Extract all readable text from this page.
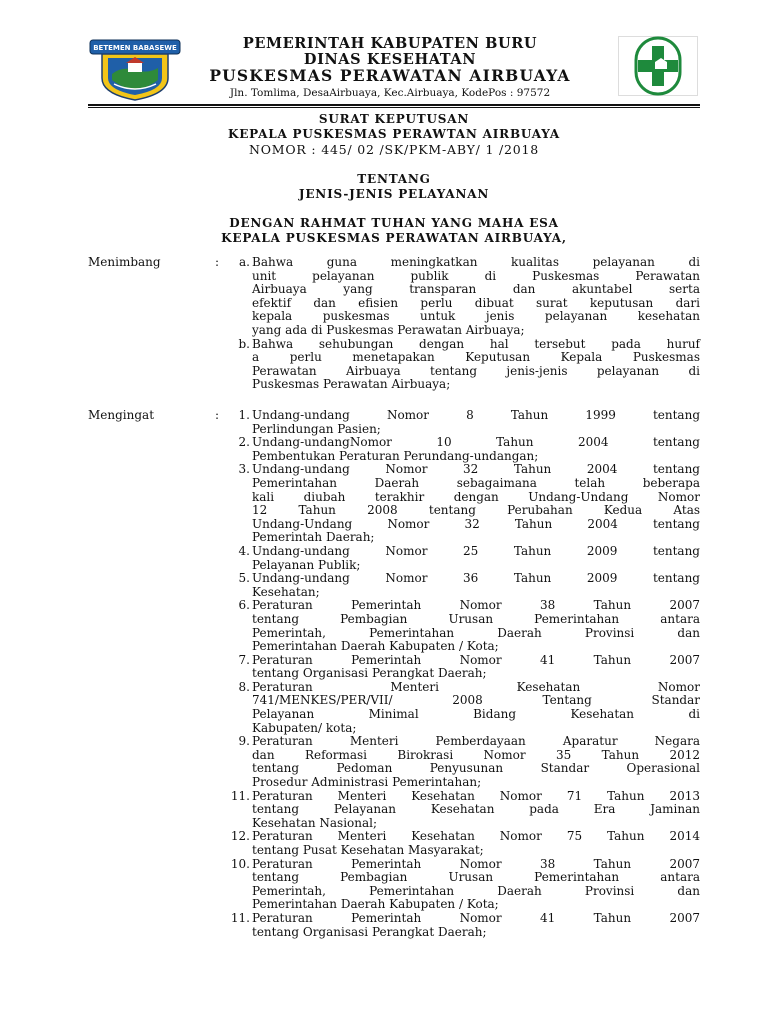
BETEMEN BABASEWE	PEMERINTAH KABUPATEN BURU
DINAS KESEHATAN
PUSKESMAS PERAWATAN AIRBUAYA
Jln. Tomlima, DesaAirbuaya, Kec.Airbuaya, KodePos : 97572
SURAT KEPUTUSAN
KEPALA PUSKESMAS PERAWTAN AIRBUAYA
NOMOR : 445/ 02 /SK/PKM-ABY/ 1 /2018
TENTANG
JENIS-JENIS PELAYANAN
DENGAN RAHMAT TUHAN YANG MAHA ESA
KEPALA PUSKESMAS PERAWATAN AIRBUAYA,
Menimbang	:	a. Bahwa guna meningkatkan kualitas pelayanan di
unit pelayanan publik di Puskesmas Perawatan
Airbuaya yang transparan dan akuntabel serta
efektif dan efisien perlu dibuat surat keputusan dari
kepala puskesmas untuk jenis pelayanan kesehatan
yang ada di Puskesmas Perawatan Airbuaya;
b. Bahwa sehubungan dengan hal tersebut pada huruf
a perlu menetapakan Keputusan Kepala Puskesmas
Perawatan Airbuaya tentang jenis-jenis pelayanan di
Puskesmas Perawatan Airbuaya;
Mengingat	:	1. Undang-undang Nomor 8 Tahun 1999 tentang
Perlindungan Pasien;
2. Undang-undangNomor 10 Tahun 2004 tentang
Pembentukan Peraturan Perundang-undangan;
3. Undang-undang Nomor 32 Tahun 2004 tentang
Pemerintahan Daerah sebagaimana telah beberapa
kali diubah terakhir dengan Undang-Undang Nomor
12 Tahun 2008 tentang Perubahan Kedua Atas
Undang-Undang Nomor 32 Tahun 2004 tentang
Pemerintah Daerah;
4. Undang-undang Nomor 25 Tahun 2009 tentang
Pelayanan Publik;
5. Undang-undang Nomor 36 Tahun 2009 tentang
Kesehatan;
6. Peraturan Pemerintah Nomor 38 Tahun 2007
tentang Pembagian Urusan Pemerintahan antara
Pemerintah, Pemerintahan Daerah Provinsi dan
Pemerintahan Daerah Kabupaten / Kota;
7. Peraturan Pemerintah Nomor 41 Tahun 2007
tentang Organisasi Perangkat Daerah;
8. Peraturan Menteri Kesehatan Nomor
741/MENKES/PER/VII/ 2008 Tentang Standar
Pelayanan Minimal Bidang Kesehatan di
Kabupaten/ kota;
9. Peraturan Menteri Pemberdayaan Aparatur Negara
dan Reformasi Birokrasi Nomor 35 Tahun 2012
tentang Pedoman Penyusunan Standar Operasional
Prosedur Administrasi Pemerintahan;
11. Peraturan Menteri Kesehatan Nomor 71 Tahun 2013
tentang Pelayanan Kesehatan pada Era Jaminan
Kesehatan Nasional;
12. Peraturan Menteri Kesehatan Nomor 75 Tahun 2014
tentang Pusat Kesehatan Masyarakat;
10. Peraturan Pemerintah Nomor 38 Tahun 2007
tentang Pembagian Urusan Pemerintahan antara
Pemerintah, Pemerintahan Daerah Provinsi dan
Pemerintahan Daerah Kabupaten / Kota;
11. Peraturan Pemerintah Nomor 41 Tahun 2007
tentang Organisasi Perangkat Daerah;
